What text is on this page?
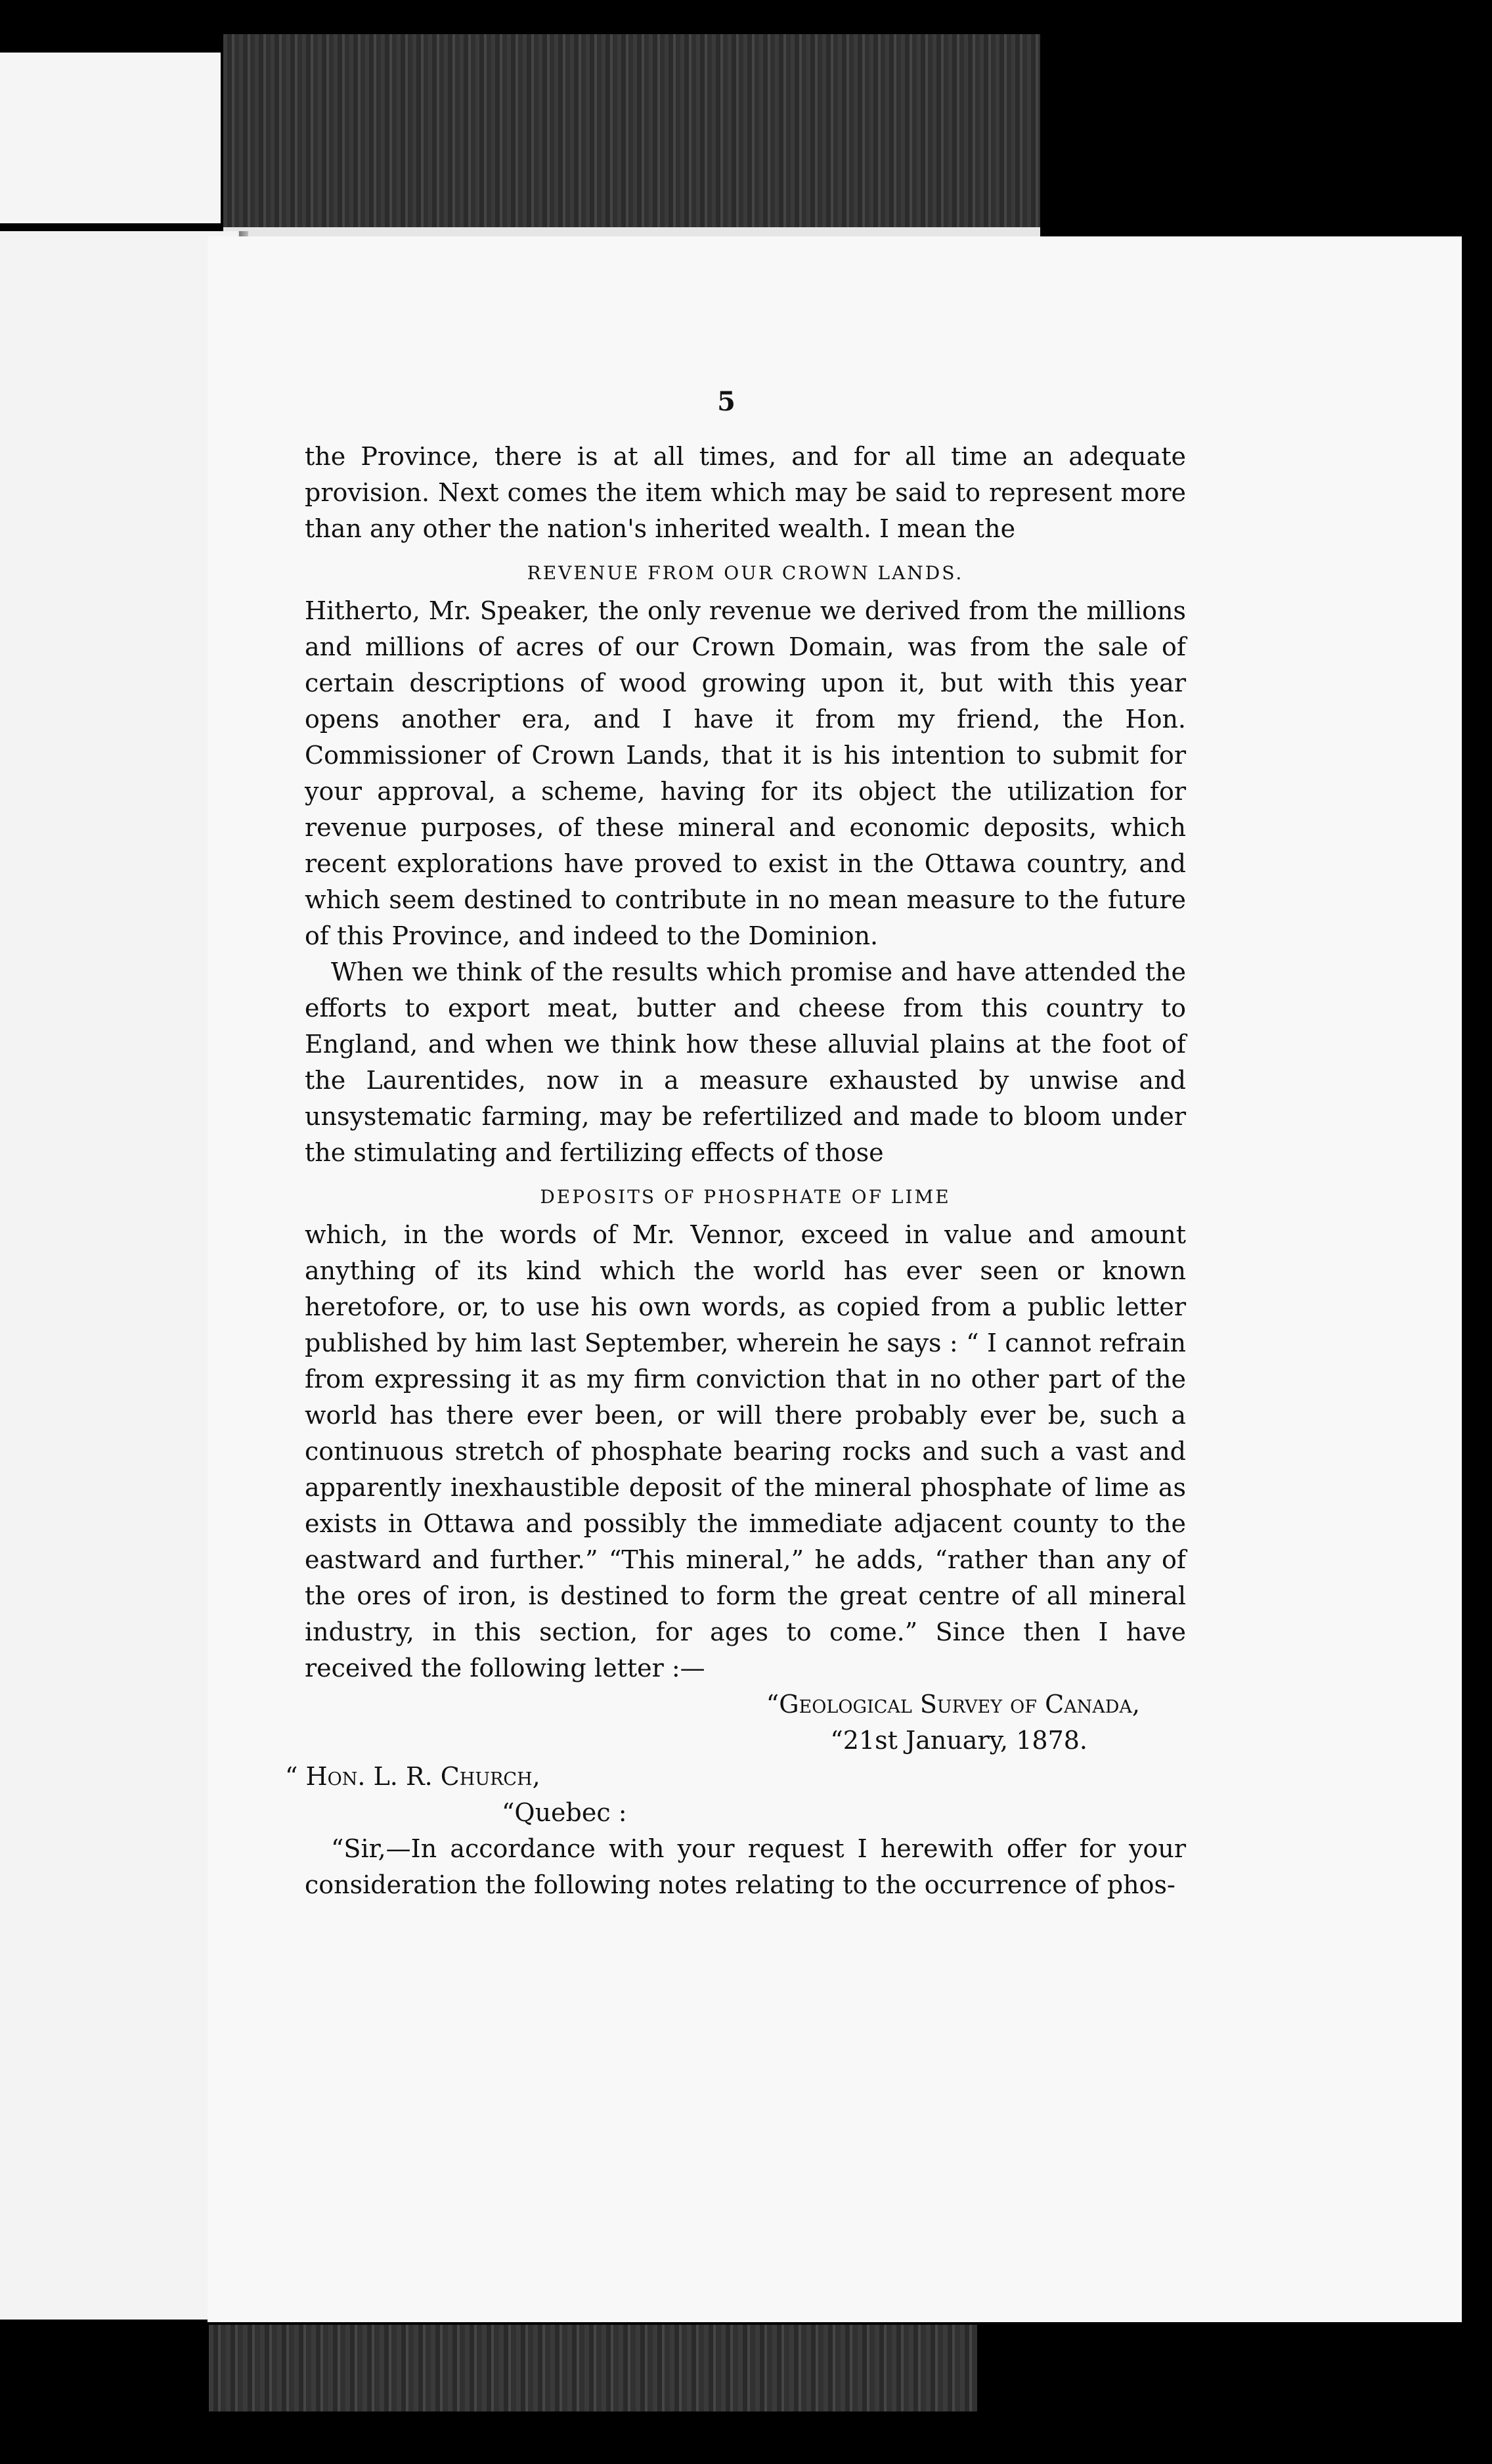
5

the Province, there is at all times, and for all time an adequate provision. Next comes the item which may be said to represent more than any other the nation's inherited wealth. I mean the

REVENUE FROM OUR CROWN LANDS.

Hitherto, Mr. Speaker, the only revenue we derived from the millions and millions of acres of our Crown Domain, was from the sale of certain descriptions of wood growing upon it, but with this year opens another era, and I have it from my friend, the Hon. Commissioner of Crown Lands, that it is his intention to submit for your approval, a scheme, having for its object the utilization for revenue purposes, of these mineral and economic deposits, which recent explorations have proved to exist in the Ottawa country, and which seem destined to contribute in no mean measure to the future of this Province, and indeed to the Dominion.

When we think of the results which promise and have attended the efforts to export meat, butter and cheese from this country to England, and when we think how these alluvial plains at the foot of the Laurentides, now in a measure exhausted by unwise and unsystematic farming, may be refertilized and made to bloom under the stimulating and fertilizing effects of those

DEPOSITS OF PHOSPHATE OF LIME

which, in the words of Mr. Vennor, exceed in value and amount anything of its kind which the world has ever seen or known heretofore, or, to use his own words, as copied from a public letter published by him last September, wherein he says : “ I cannot refrain from expressing it as my firm conviction that in no other part of the world has there ever been, or will there probably ever be, such a continuous stretch of phosphate bearing rocks and such a vast and apparently inexhaustible deposit of the mineral phosphate of lime as exists in Ottawa and possibly the immediate adjacent county to the eastward and further.” “This mineral,” he adds, “rather than any of the ores of iron, is destined to form the great centre of all mineral industry, in this section, for ages to come.” Since then I have received the following letter :—

“Geological Survey of Canada,
“21st January, 1878.
“ Hon. L. R. Church,
“Quebec :

“Sir,—In accordance with your request I herewith offer for your consideration the following notes relating to the occurrence of phos-
